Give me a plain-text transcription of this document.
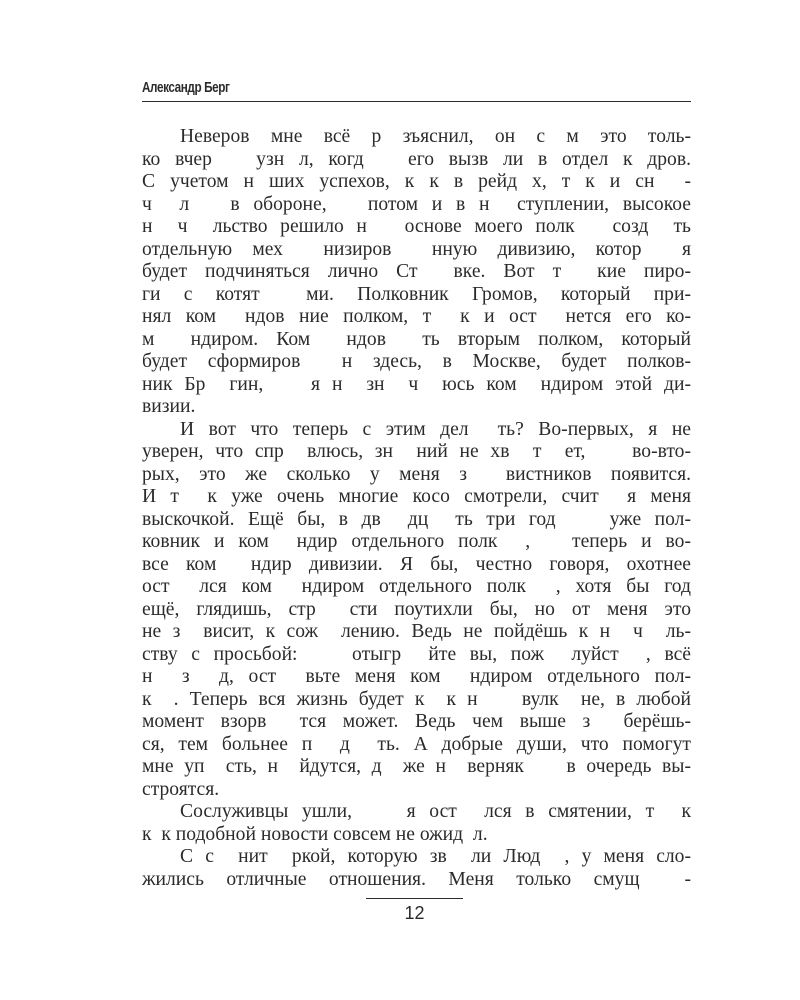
Александр Берг
Неверов мне всё р зъяснил, он с м это толь-
ко вчер   узн л, когд   его вызв ли в отдел к дров.
С учетом н ших успехов, к к в рейд х, т к и сн  -
ч  л   в обороне,   потом и в н  ступлении, высокое
н  ч  льство решило н   основе моего полк   созд  ть
отдельную мех  низиров  нную дивизию, котор  я
будет подчиняться лично Ст  вке. Вот т  кие пиро-
ги с котят  ми. Полковник Громов, который при-
нял ком  ндов ние полком, т  к и ост  нется его ко-
м  ндиром. Ком  ндов  ть вторым полком, который
будет сформиров  н здесь, в Москве, будет полков-
ник Бр  гин,    я н  зн  ч  юсь ком  ндиром этой ди-
визии.
И вот что теперь с этим дел  ть? Во-первых, я не
уверен, что спр  влюсь, зн  ний не хв  т  ет,    во-вто-
рых, это же сколько у меня з  вистников появится.
И т  к уже очень многие косо смотрели, счит  я меня
выскочкой. Ещё бы, в дв  дц  ть три год    уже пол-
ковник и ком  ндир отдельного полк  ,   теперь и во-
все ком  ндир дивизии. Я бы, честно говоря, охотнее
ост  лся ком  ндиром отдельного полк  , хотя бы год
ещё, глядишь, стр  сти поутихли бы, но от меня это
не з  висит, к сож  лению. Ведь не пойдёшь к н  ч  ль-
ству с просьбой:    отыгр  йте вы, пож  луйст  , всё
н  з  д, ост  вьте меня ком  ндиром отдельного пол-
к  . Теперь вся жизнь будет к  к н    вулк  не, в любой
момент взорв  тся может. Ведь чем выше з  берёшь-
ся, тем больнее п  д  ть. А добрые души, что помогут
мне уп  сть, н  йдутся, д  же н  верняк    в очередь вы-
строятся.
Сослуживцы ушли,    я ост  лся в смятении, т  к
к  к подобной новости совсем не ожид  л.
С с  нит  ркой, которую зв  ли Люд  , у меня сло-
жились отличные отношения. Меня только смущ  -
12
